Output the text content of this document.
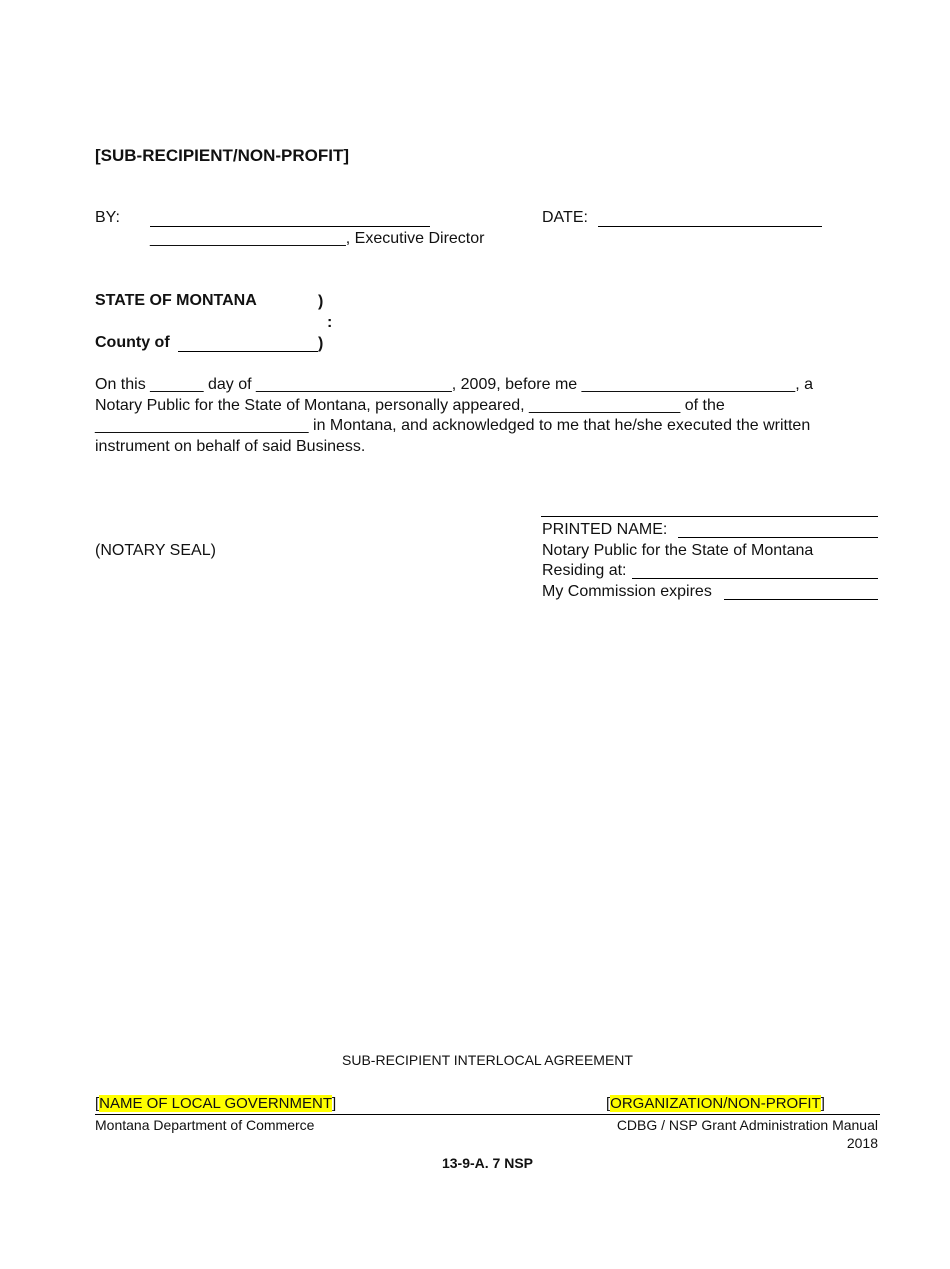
[SUB-RECIPIENT/NON-PROFIT]
BY:	DATE:
______________________, Executive Director
STATE OF MONTANA	)
:
County of	)
On this ______ day of ______________________, 2009, before me ________________________, a
Notary Public for the State of Montana, personally appeared, _________________ of the
________________________ in Montana, and acknowledged to me that he/she executed the written
instrument on behalf of said Business.
PRINTED NAME:
(NOTARY SEAL)	Notary Public for the State of Montana
Residing at:
My Commission expires
SUB-RECIPIENT INTERLOCAL AGREEMENT
[NAME OF LOCAL GOVERNMENT]	[ORGANIZATION/NON-PROFIT]
Montana Department of Commerce	CDBG / NSP Grant Administration Manual
2018
13-9-A. 7 NSP
